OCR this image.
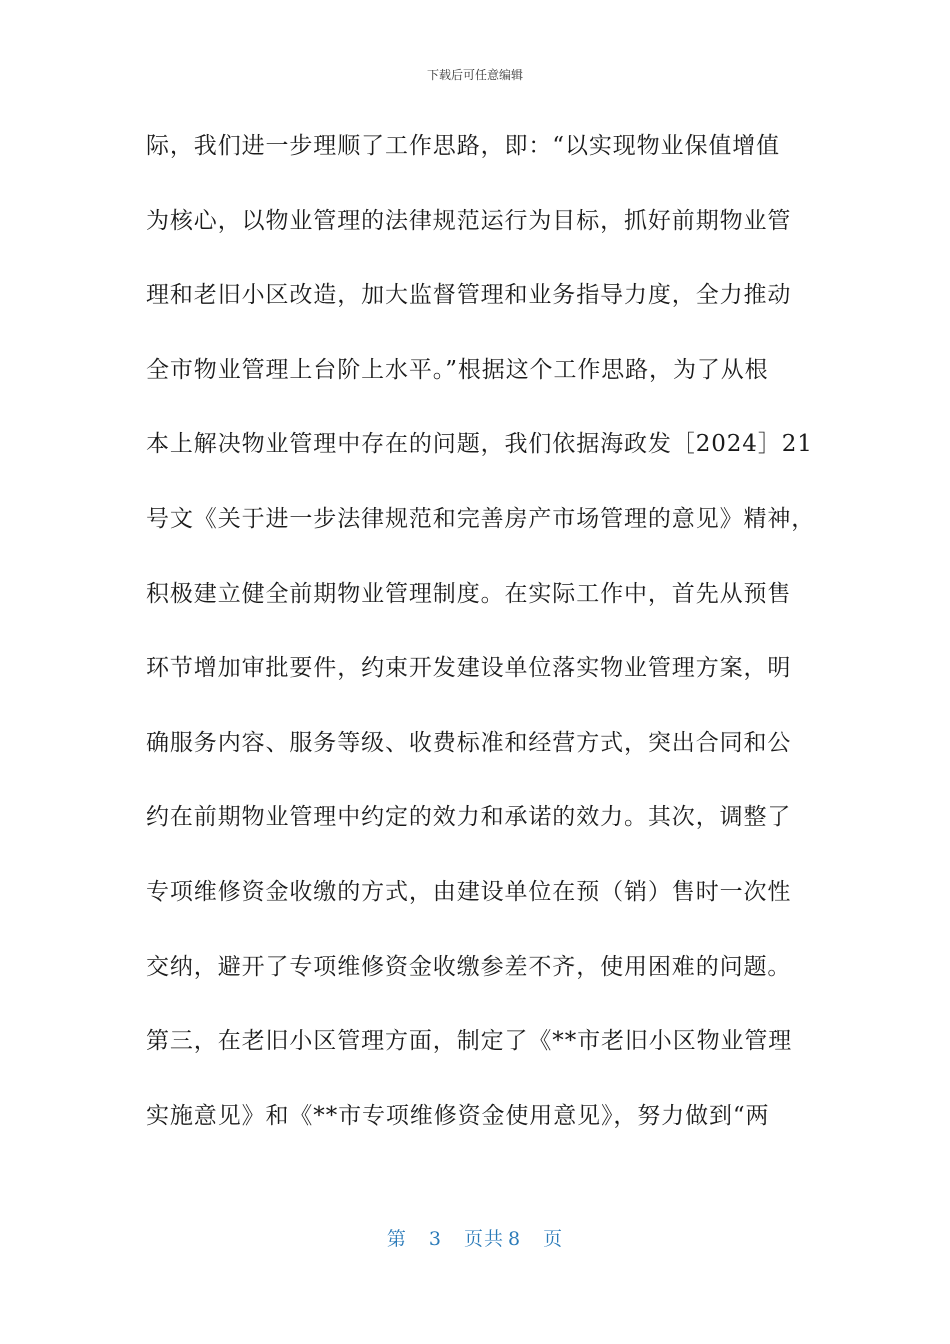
下载后可任意编辑
际，我们进一步理顺了工作思路，即：“以实现物业保值增值
为核心，以物业管理的法律规范运行为目标，抓好前期物业管
理和老旧小区改造，加大监督管理和业务指导力度，全力推动
全市物业管理上台阶上水平。”根据这个工作思路，为了从根
本上解决物业管理中存在的问题，我们依据海政发［2024］21
号文《关于进一步法律规范和完善房产市场管理的意见》精神，
积极建立健全前期物业管理制度。在实际工作中，首先从预售
环节增加审批要件，约束开发建设单位落实物业管理方案，明
确服务内容、服务等级、收费标准和经营方式，突出合同和公
约在前期物业管理中约定的效力和承诺的效力。其次，调整了
专项维修资金收缴的方式，由建设单位在预（销）售时一次性
交纳，避开了专项维修资金收缴参差不齐，使用困难的问题。
第三，在老旧小区管理方面，制定了《**市老旧小区物业管理
实施意见》和《**市专项维修资金使用意见》，努力做到“两
第 3 页共 8 页
